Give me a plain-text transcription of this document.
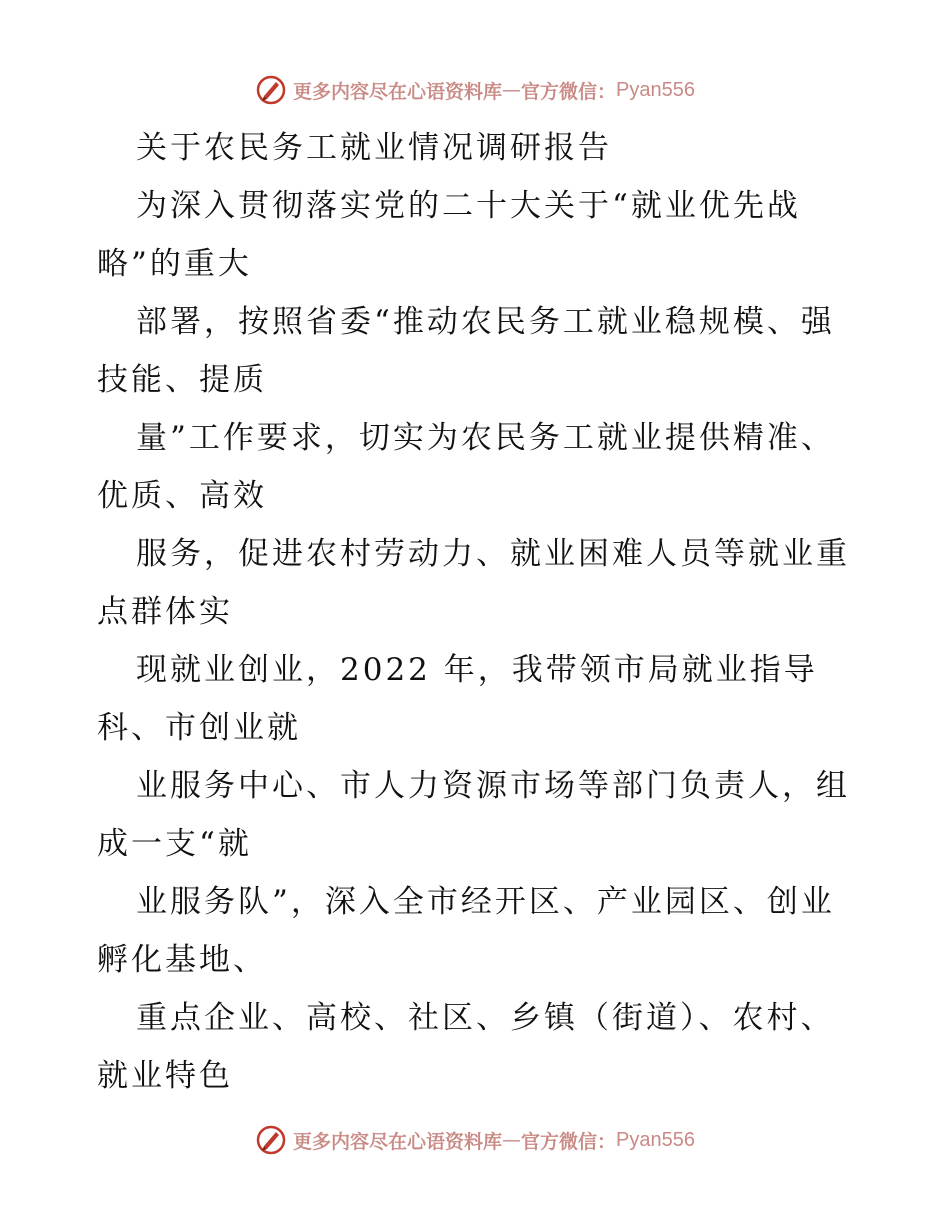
更多内容尽在心语资料库 — 官方微信： Pyan556
关于农民务工就业情况调研报告
为深入贯彻落实党的二十大关于“就业优先战
略”的重大
部署，按照省委“推动农民务工就业稳规模、强
技能、提质
量”工作要求，切实为农民务工就业提供精准、
优质、高效
服务，促进农村劳动力、就业困难人员等就业重
点群体实
现就业创业，2022 年，我带领市局就业指导
科、市创业就
业服务中心、市人力资源市场等部门负责人，组
成一支“就
业服务队”，深入全市经开区、产业园区、创业
孵化基地、
重点企业、高校、社区、乡镇（街道）、农村、
就业特色
更多内容尽在心语资料库 — 官方微信： Pyan556
